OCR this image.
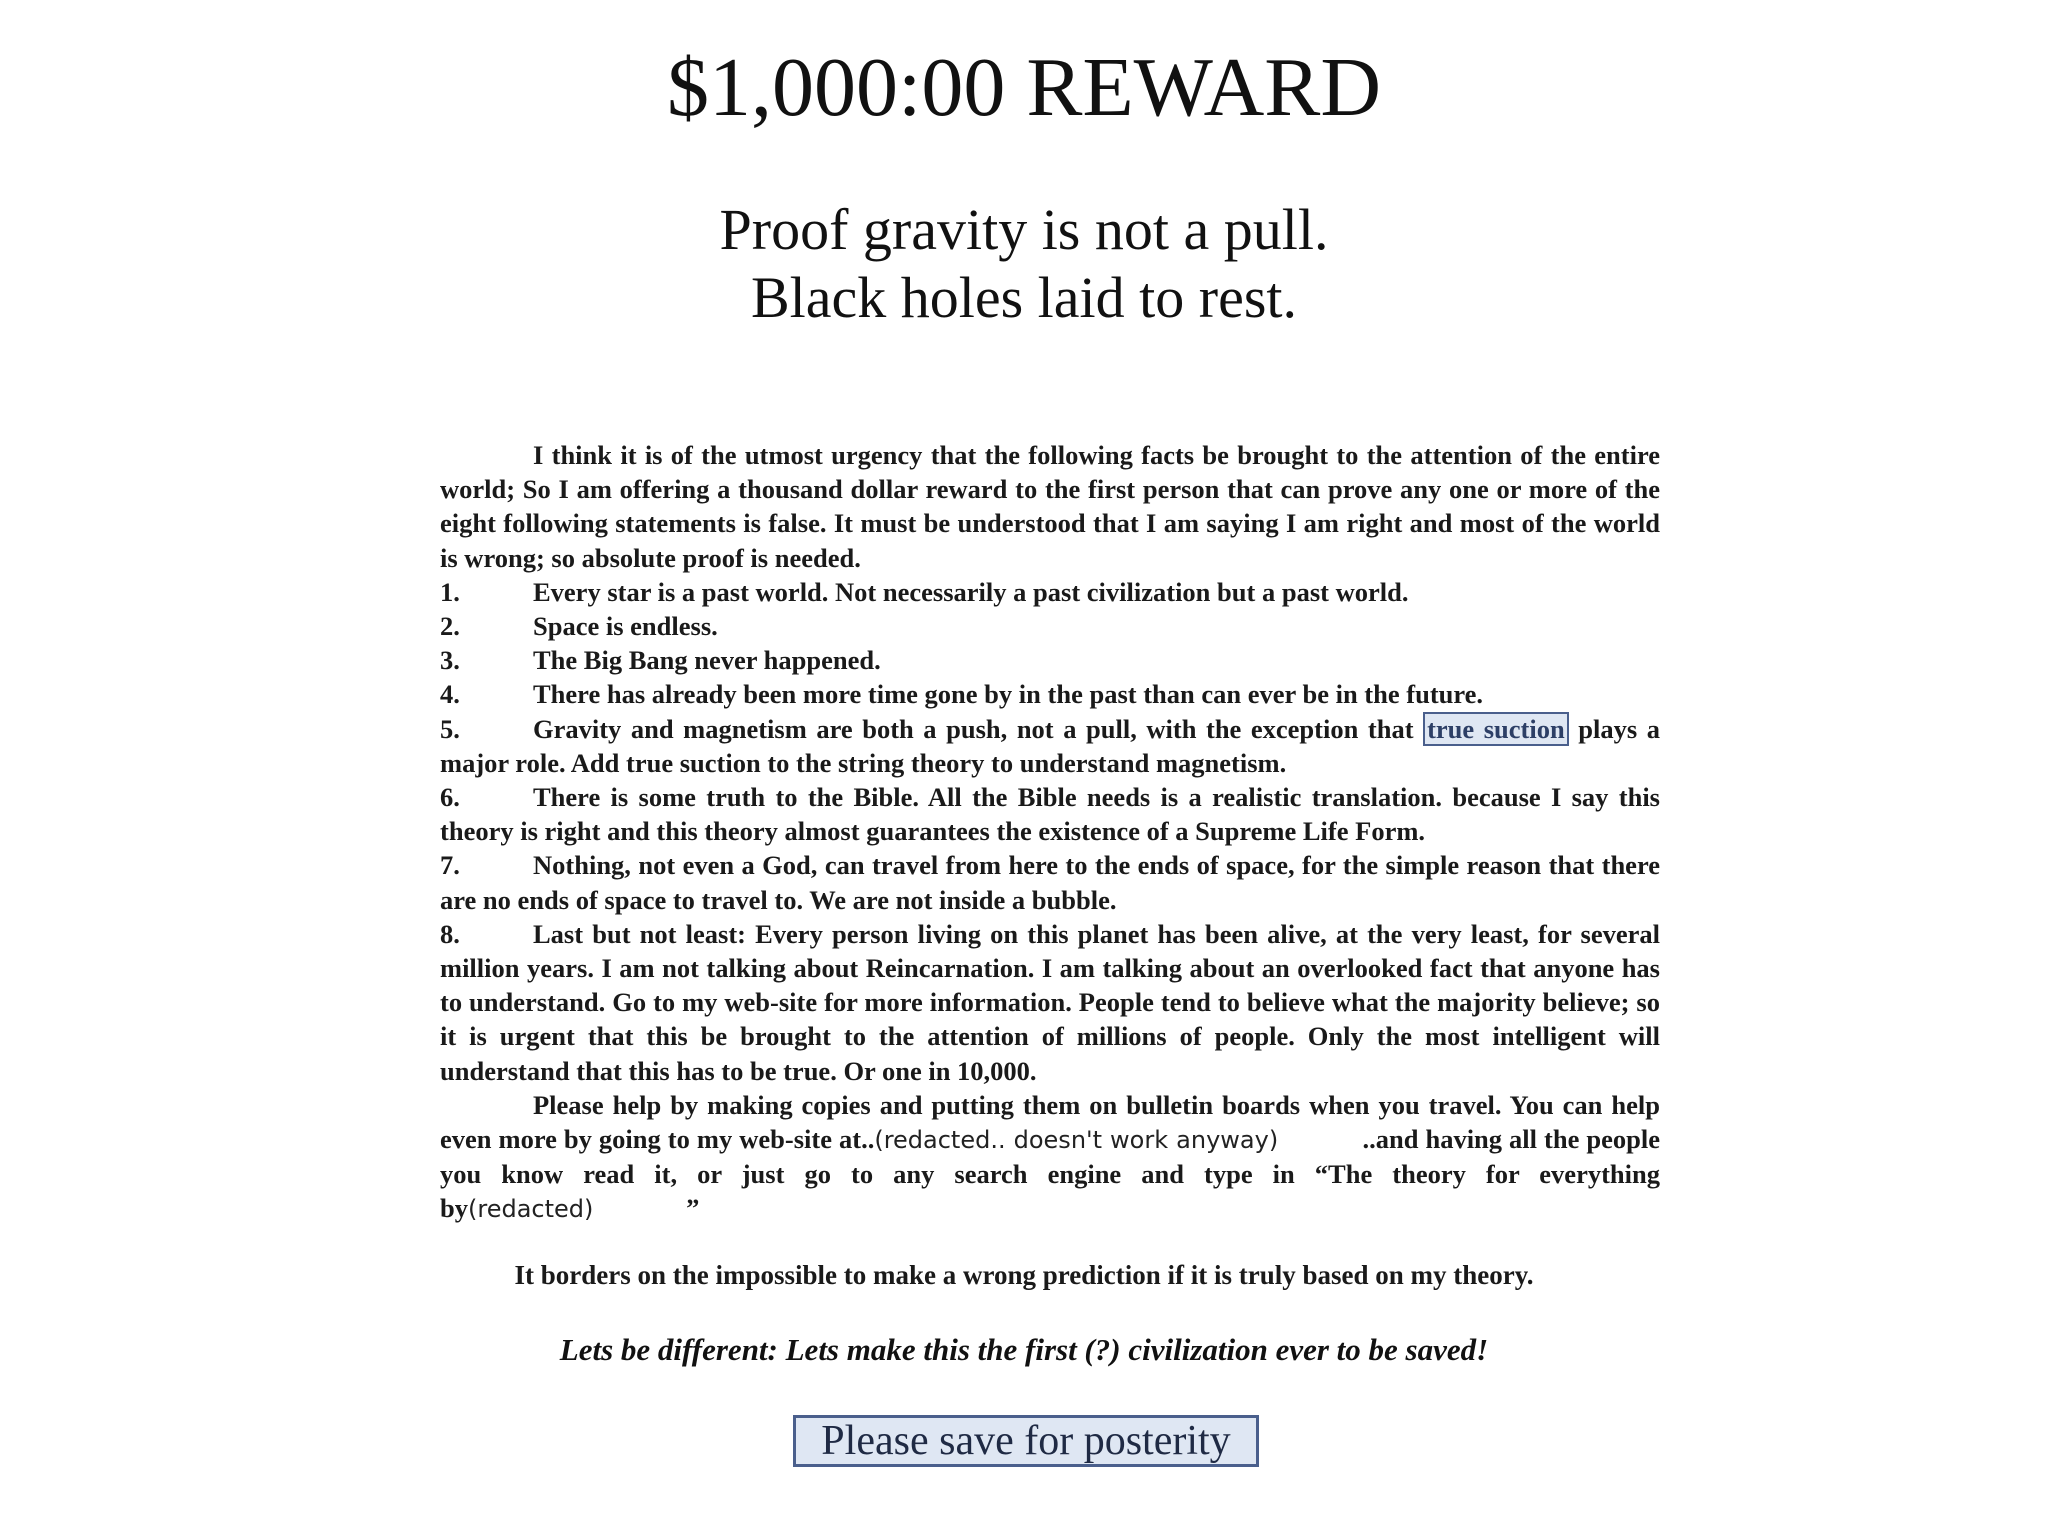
$1,000:00 REWARD
Proof gravity is not a pull.
Black holes laid to rest.

I think it is of the utmost urgency that the following facts be brought to the attention of the entire world; So I am offering a thousand dollar reward to the first person that can prove any one or more of the eight following statements is false. It must be understood that I am saying I am right and most of the world is wrong; so absolute proof is needed.

1.	Every star is a past world. Not necessarily a past civilization but a past world.
2.	Space is endless.
3.	The Big Bang never happened.
4.	There has already been more time gone by in the past than can ever be in the future.
5.	Gravity and magnetism are both a push, not a pull, with the exception that true suction plays a major role. Add true suction to the string theory to understand magnetism.
6.	There is some truth to the Bible. All the Bible needs is a realistic translation. because I say this theory is right and this theory almost guarantees the existence of a Supreme Life Form.
7.	Nothing, not even a God, can travel from here to the ends of space, for the simple reason that there are no ends of space to travel to. We are not inside a bubble.
8.	Last but not least: Every person living on this planet has been alive, at the very least, for several million years. I am not talking about Reincarnation. I am talking about an overlooked fact that anyone has to understand. Go to my web-site for more information. People tend to believe what the majority believe; so it is urgent that this be brought to the attention of millions of people. Only the most intelligent will understand that this has to be true. Or one in 10,000.

Please help by making copies and putting them on bulletin boards when you travel. You can help even more by going to my web-site at..(redacted.. doesn't work anyway)	..and having all the people you know read it, or just go to any search engine and type in “The theory for everything by(redacted)	”

It borders on the impossible to make a wrong prediction if it is truly based on my theory.
Lets be different: Lets make this the first (?) civilization ever to be saved!
Please save for posterity
